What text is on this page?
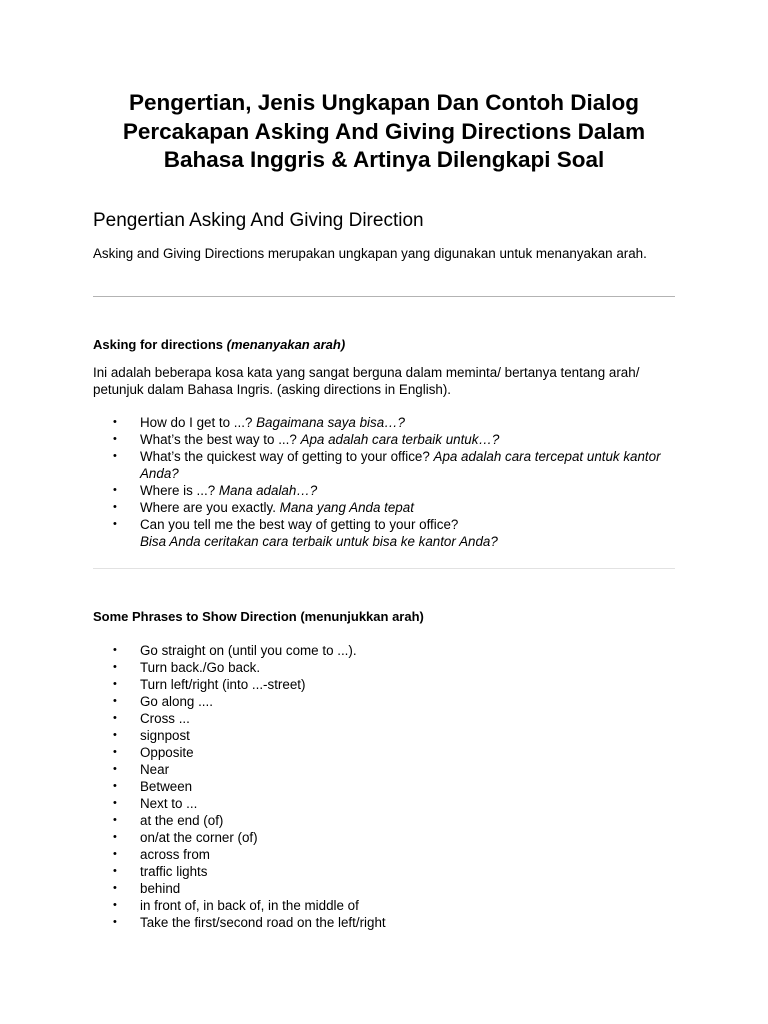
Pengertian, Jenis Ungkapan Dan Contoh Dialog Percakapan Asking And Giving Directions Dalam Bahasa Inggris & Artinya Dilengkapi Soal
Pengertian Asking And Giving Direction

Asking and Giving Directions merupakan ungkapan yang digunakan untuk menanyakan arah.

Asking for directions (menanyakan arah)

Ini adalah beberapa kosa kata yang sangat berguna dalam meminta/ bertanya tentang arah/ petunjuk dalam Bahasa Ingris. (asking directions in English).

• How do I get to ...? Bagaimana saya bisa…?
• What’s the best way to ...? Apa adalah cara terbaik untuk…?
• What’s the quickest way of getting to your office? Apa adalah cara tercepat untuk kantor Anda?
• Where is ...? Mana adalah…?
• Where are you exactly. Mana yang Anda tepat
• Can you tell me the best way of getting to your office?
Bisa Anda ceritakan cara terbaik untuk bisa ke kantor Anda?

Some Phrases to Show Direction (menunjukkan arah)

• Go straight on (until you come to ...).
• Turn back./Go back.
• Turn left/right (into ...-street)
• Go along ....
• Cross ...
• signpost
• Opposite
• Near
• Between
• Next to ...
• at the end (of)
• on/at the corner (of)
• across from
• traffic lights
• behind
• in front of, in back of, in the middle of
• Take the first/second road on the left/right
